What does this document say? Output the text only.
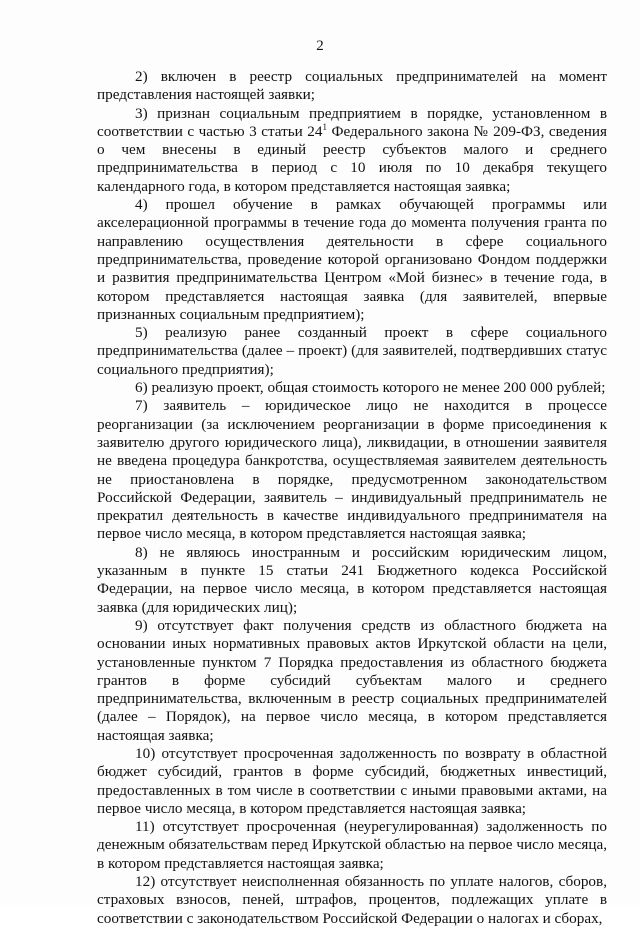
2

2) включен в реестр социальных предпринимателей на момент представления настоящей заявки;

3) признан социальным предприятием в порядке, установленном в соответствии с частью 3 статьи $24^1$ Федерального закона № 209-ФЗ, сведения о чем внесены в единый реестр субъектов малого и среднего предпринимательства в период с 10 июля по 10 декабря текущего календарного года, в котором представляется настоящая заявка;

4) прошел обучение в рамках обучающей программы или акселерационной программы в течение года до момента получения гранта по направлению осуществления деятельности в сфере социального предпринимательства, проведение которой организовано Фондом поддержки и развития предпринимательства Центром «Мой бизнес» в течение года, в котором представляется настоящая заявка (для заявителей, впервые признанных социальным предприятием);

5) реализую ранее созданный проект в сфере социального предпринимательства (далее – проект) (для заявителей, подтвердивших статус социального предприятия);

6) реализую проект, общая стоимость которого не менее 200 000 рублей;

7) заявитель – юридическое лицо не находится в процессе реорганизации (за исключением реорганизации в форме присоединения к заявителю другого юридического лица), ликвидации, в отношении заявителя не введена процедура банкротства, осуществляемая заявителем деятельность не приостановлена в порядке, предусмотренном законодательством Российской Федерации, заявитель – индивидуальный предприниматель не прекратил деятельность в качестве индивидуального предпринимателя на первое число месяца, в котором представляется настоящая заявка;

8) не являюсь иностранным и российским юридическим лицом, указанным в пункте 15 статьи 241 Бюджетного кодекса Российской Федерации, на первое число месяца, в котором представляется настоящая заявка (для юридических лиц);

9) отсутствует факт получения средств из областного бюджета на основании иных нормативных правовых актов Иркутской области на цели, установленные пунктом 7 Порядка предоставления из областного бюджета грантов в форме субсидий субъектам малого и среднего предпринимательства, включенным в реестр социальных предпринимателей (далее – Порядок), на первое число месяца, в котором представляется настоящая заявка;

10) отсутствует просроченная задолженность по возврату в областной бюджет субсидий, грантов в форме субсидий, бюджетных инвестиций, предоставленных в том числе в соответствии с иными правовыми актами, на первое число месяца, в котором представляется настоящая заявка;

11) отсутствует просроченная (неурегулированная) задолженность по денежным обязательствам перед Иркутской областью на первое число месяца, в котором представляется настоящая заявка;

12) отсутствует неисполненная обязанность по уплате налогов, сборов, страховых взносов, пеней, штрафов, процентов, подлежащих уплате в соответствии с законодательством Российской Федерации о налогах и сборах,
